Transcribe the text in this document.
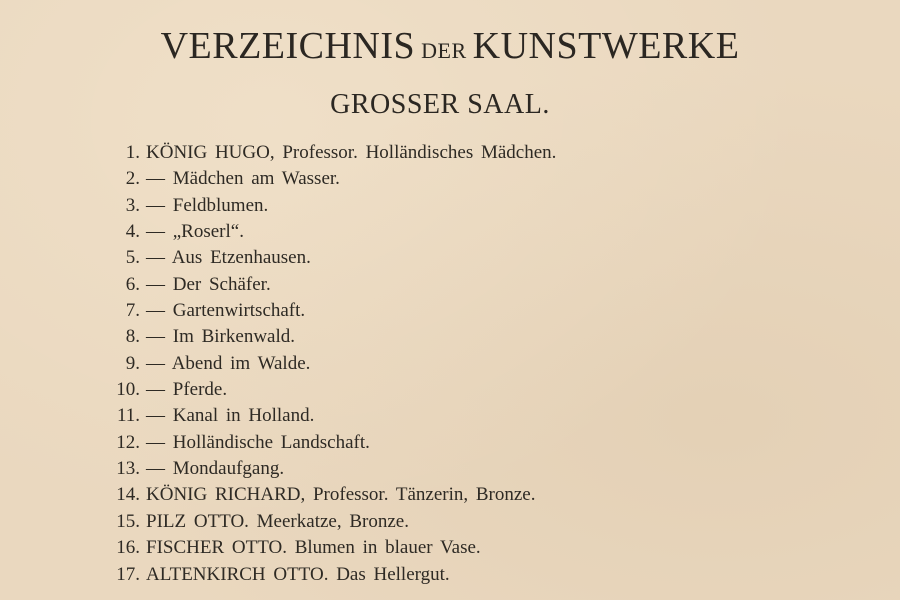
VERZEICHNIS DER KUNSTWERKE
GROSSER SAAL.
1. KÖNIG HUGO, Professor. Holländisches Mädchen.
2. — Mädchen am Wasser.
3. — Feldblumen.
4. — „Roserl“.
5. — Aus Etzenhausen.
6. — Der Schäfer.
7. — Gartenwirtschaft.
8. — Im Birkenwald.
9. — Abend im Walde.
10. — Pferde.
11. — Kanal in Holland.
12. — Holländische Landschaft.
13. — Mondaufgang.
14. KÖNIG RICHARD, Professor. Tänzerin, Bronze.
15. PILZ OTTO. Meerkatze, Bronze.
16. FISCHER OTTO. Blumen in blauer Vase.
17. ALTENKIRCH OTTO. Das Hellergut.
